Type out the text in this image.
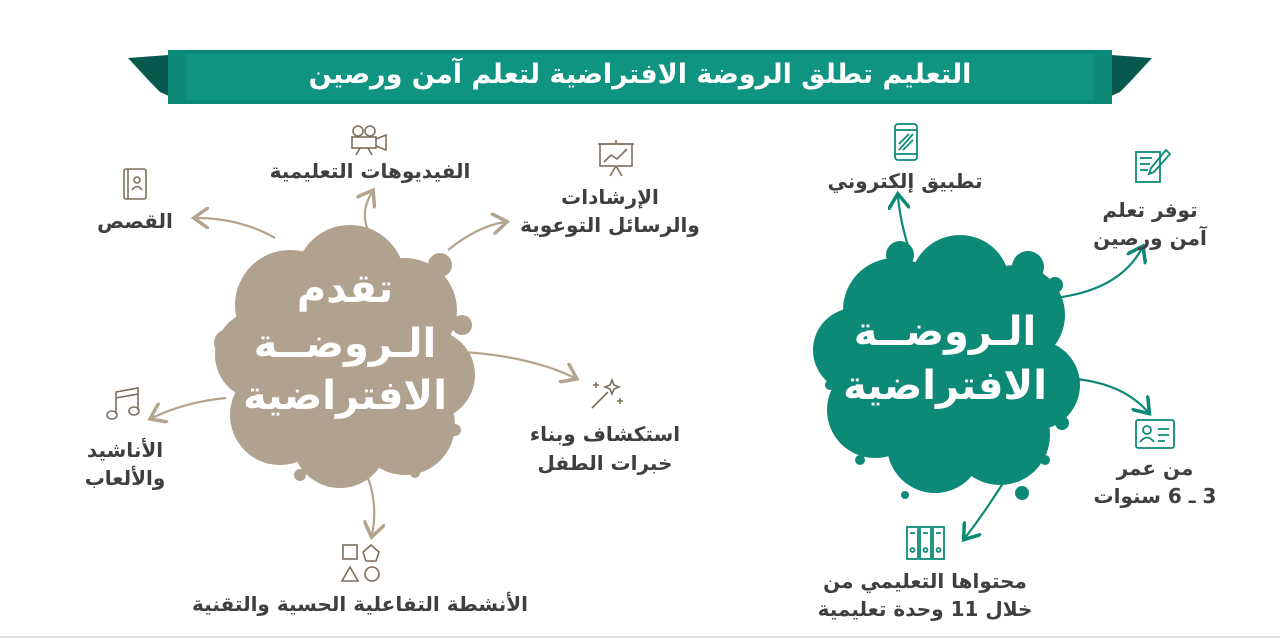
التعليم تطلق الروضة الافتراضية لتعلم آمن ورصين
تقدم
الـروضــة
الافتراضية
الـروضــة
الافتراضية
الفيديوهات التعليمية
القصص
الإرشادات
والرسائل التوعوية
الأناشيد
والألعاب
استكشاف وبناء
خبرات الطفل
الأنشطة التفاعلية الحسية والتقنية
تطبيق إلكتروني
توفر تعلم
آمن ورصين
من عمر
3 ـ 6 سنوات
محتواها التعليمي من
خلال 11 وحدة تعليمية
